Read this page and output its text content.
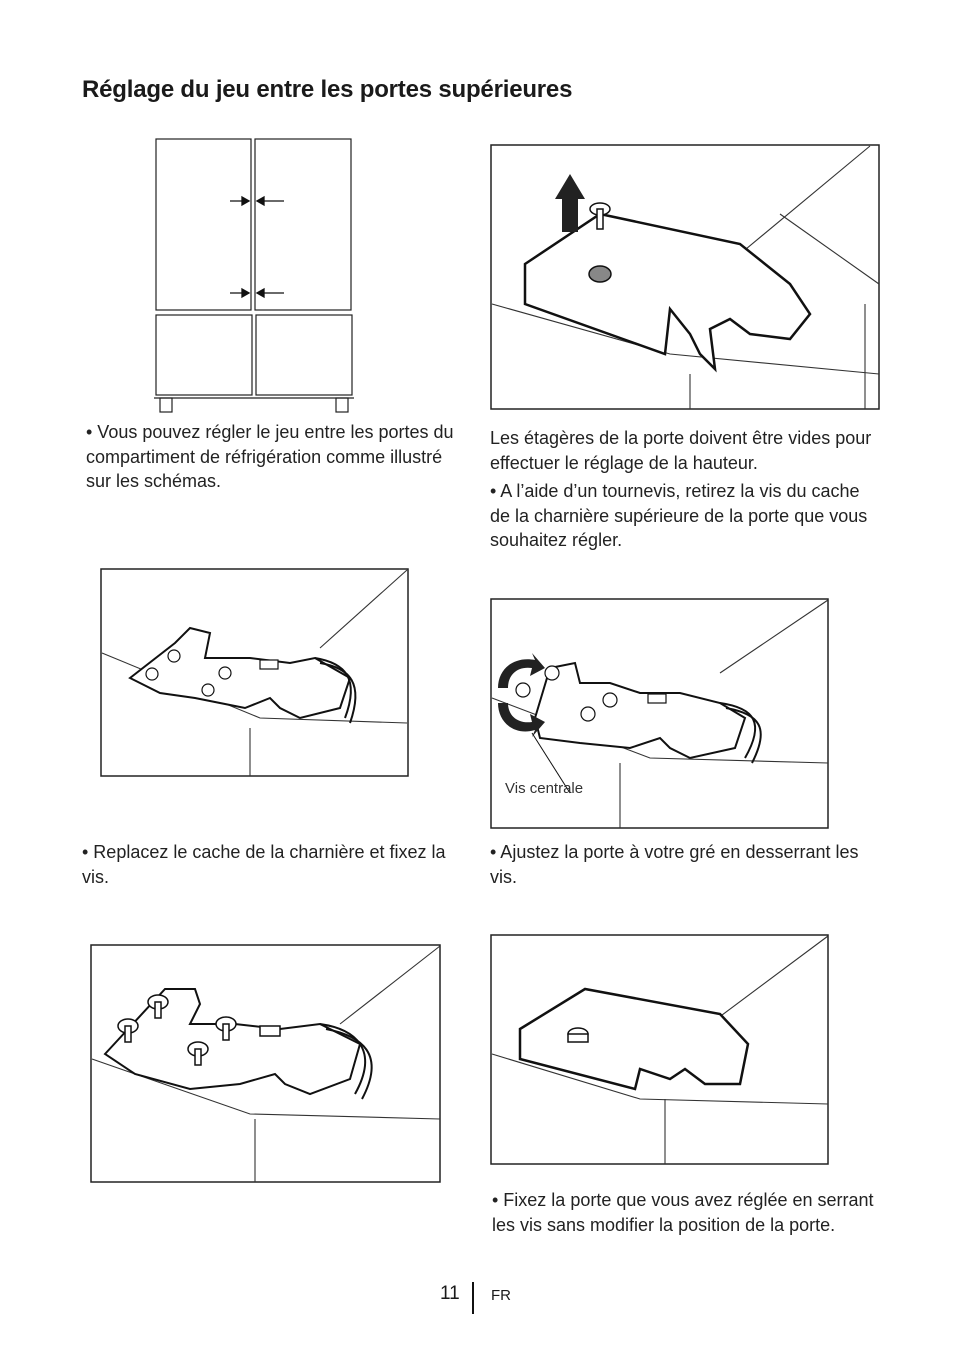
Réglage du jeu entre les portes supérieures
• Vous pouvez régler le jeu entre les portes du compartiment de réfrigération comme illustré sur les schémas.

Les étagères de la porte doivent être vides pour effectuer le réglage de la hauteur.

• A l’aide d’un tournevis, retirez la vis du cache de la charnière supérieure de la porte que vous souhaitez régler.

• Replacez le cache de la charnière et fixez la vis.
Vis centrale
• Ajustez la porte à votre gré en desserrant les vis.
• Fixez la porte que vous avez réglée en serrant les vis sans modifier la position de la porte.
11 FR
